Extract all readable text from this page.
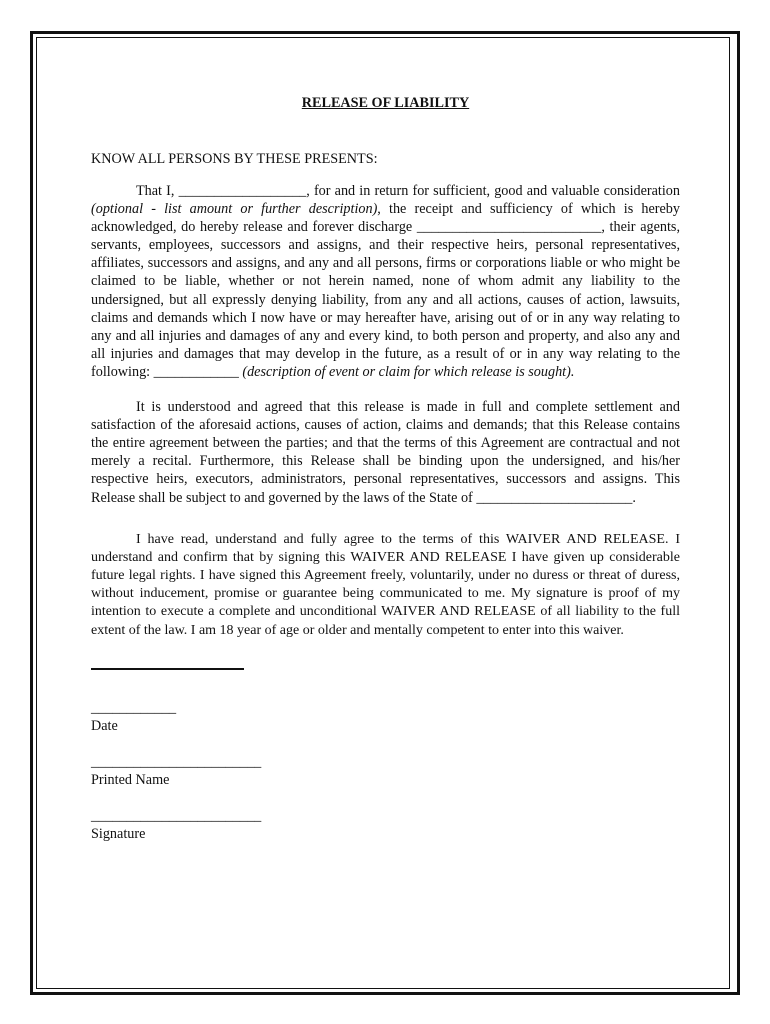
RELEASE OF LIABILITY
KNOW ALL PERSONS BY THESE PRESENTS:

That I, __________________, for and in return for sufficient, good and valuable consideration (optional - list amount or further description), the receipt and sufficiency of which is hereby acknowledged, do hereby release and forever discharge __________________________, their agents, servants, employees, successors and assigns, and their respective heirs, personal representatives, affiliates, successors and assigns, and any and all persons, firms or corporations liable or who might be claimed to be liable, whether or not herein named, none of whom admit any liability to the undersigned, but all expressly denying liability, from any and all actions, causes of action, lawsuits, claims and demands which I now have or may hereafter have, arising out of or in any way relating to any and all injuries and damages of any and every kind, to both person and property, and also any and all injuries and damages that may develop in the future, as a result of or in any way relating to the following: ____________ (description of event or claim for which release is sought).

It is understood and agreed that this release is made in full and complete settlement and satisfaction of the aforesaid actions, causes of action, claims and demands; that this Release contains the entire agreement between the parties; and that the terms of this Agreement are contractual and not merely a recital. Furthermore, this Release shall be binding upon the undersigned, and his/her respective heirs, executors, administrators, personal representatives, successors and assigns. This Release shall be subject to and governed by the laws of the State of ______________________.

I have read, understand and fully agree to the terms of this WAIVER AND RELEASE. I understand and confirm that by signing this WAIVER AND RELEASE I have given up considerable future legal rights. I have signed this Agreement freely, voluntarily, under no duress or threat of duress, without inducement, promise or guarantee being communicated to me. My signature is proof of my intention to execute a complete and unconditional WAIVER AND RELEASE of all liability to the full extent of the law. I am 18 year of age or older and mentally competent to enter into this waiver.

____________
Date
________________________
Printed Name
________________________
Signature
